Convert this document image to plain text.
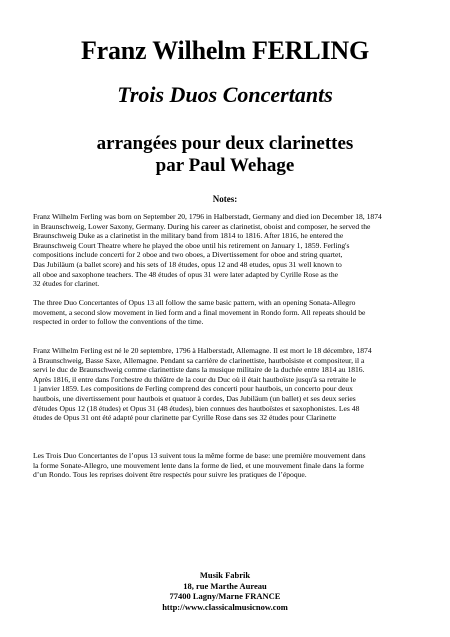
Franz Wilhelm FERLING
Trois Duos Concertants
arrangées pour deux clarinettes
par Paul Wehage
Notes:
Franz Wilhelm Ferling was born on September 20, 1796 in Halberstadt, Germany and died ion December 18, 1874
in Braunschweig, Lower Saxony, Germany. During his career as clarinetist, oboist and composer, he served the
Braunschweig Duke as a clarinetist in the military band from 1814 to 1816. After 1816, he entered the
Braunschweig Court Theatre where he played the oboe until his retirement on January 1, 1859. Ferling's
compositions include concerti for 2 oboe and two oboes, a Divertissement for oboe and string quartet,
Das Jubiläum (a ballet score) and his sets of 18 études, opus 12 and 48 etudes, opus 31 well known to
all oboe and saxophone teachers. The 48 études of opus 31 were later adapted by Cyrille Rose as the
32 études for clarinet.
The three Duo Concertantes of Opus 13 all follow the same basic pattern, with an opening Sonata-Allegro
movement, a second slow movement in lied form and a final movement in Rondo form. All repeats should be
respected in order to follow the conventions of the time.
Franz Wilhelm Ferling est né le 20 septembre, 1796 à Halberstadt, Allemagne. Il est mort le 18 décembre, 1874
à Braunschweig, Basse Saxe, Allemagne. Pendant sa carrière de clarinettiste, hautboïsiste et compositeur, il a
servi le duc de Braunschweig comme clarinettiste dans la musique militaire de la duchée entre 1814 au 1816.
Après 1816, il entre dans l'orchestre du théâtre de la cour du Duc où il était hautboïste jusqu'à sa retraite le
1 janvier 1859. Les compositions de Ferling comprend des concerti pour hautbois, un concerto pour deux
hautbois, une divertissement pour hautbois et quatuor à cordes, Das Jubiläum (un ballet) et ses deux series
d'études Opus 12 (18 études) et Opus 31 (48 études), bien connues des hautboïstes et saxophonistes. Les 48
études de Opus 31 ont été adapté pour clarinette par Cyrille Rose dans ses 32 études pour Clarinette
Les Trois Duo Concertantes de l’opus 13 suivent tous la même forme de base: une première mouvement dans
la forme Sonate-Allegro, une mouvement lente dans la forme de lied, et une mouvement finale dans la forme
d’un Rondo. Tous les reprises doivent être respectés pour suivre les pratiques de l’époque.
Musik Fabrik
18, rue Marthe Aureau
77400 Lagny/Marne FRANCE
http://www.classicalmusicnow.com
